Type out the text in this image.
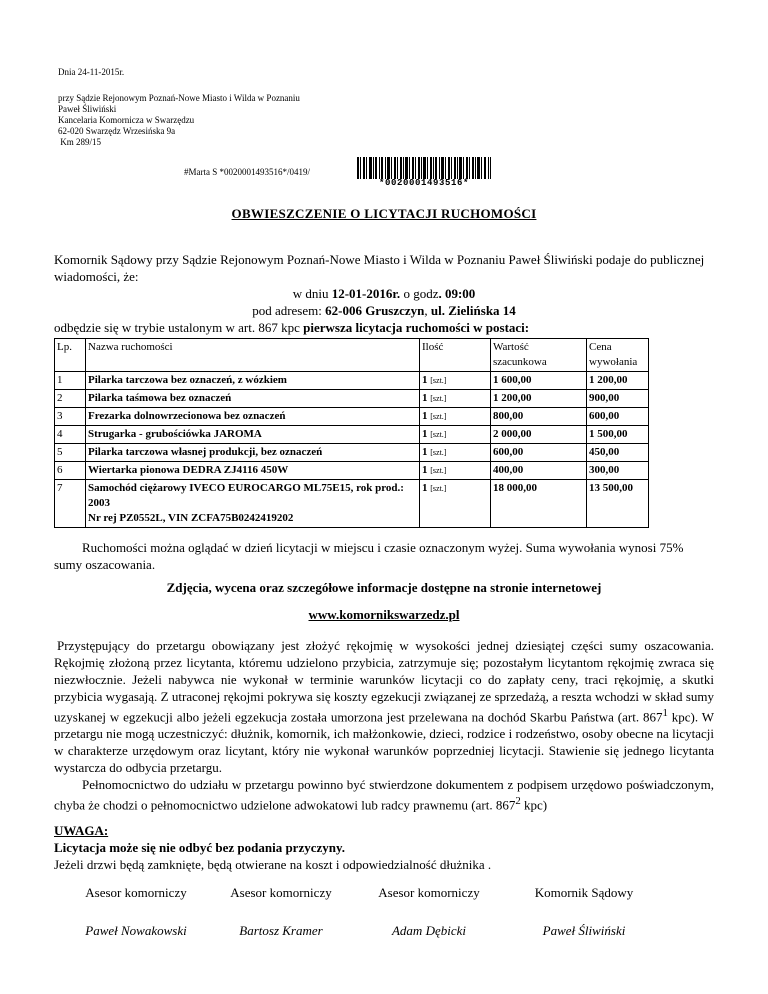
Dnia 24-11-2015r.
przy Sądzie Rejonowym Poznań-Nowe Miasto i Wilda w Poznaniu
Paweł Śliwiński
Kancelaria Komornicza w Swarzędzu
62-020 Swarzędz Wrzesińska 9a
Km 289/15
#Marta S *0020001493516*/0419/
*0020001493516*
OBWIESZCZENIE O LICYTACJI RUCHOMOŚCI
Komornik Sądowy przy Sądzie Rejonowym Poznań-Nowe Miasto i Wilda w Poznaniu Paweł Śliwiński podaje do publicznej wiadomości, że:
w dniu 12-01-2016r. o godz. 09:00
pod adresem: 62-006 Gruszczyn, ul. Zielińska 14
odbędzie się w trybie ustalonym w art. 867 kpc pierwsza licytacja ruchomości w postaci:
Lp.	Nazwa ruchomości	Ilość	Wartość szacunkowa	Cena wywołania
1	Pilarka tarczowa bez oznaczeń, z wózkiem	1 [szt.]	1 600,00	1 200,00
2	Pilarka taśmowa bez oznaczeń	1 [szt.]	1 200,00	900,00
3	Frezarka dolnowrzecionowa bez oznaczeń	1 [szt.]	800,00	600,00
4	Strugarka - grubościówka JAROMA	1 [szt.]	2 000,00	1 500,00
5	Pilarka tarczowa własnej produkcji, bez oznaczeń	1 [szt.]	600,00	450,00
6	Wiertarka pionowa DEDRA ZJ4116 450W	1 [szt.]	400,00	300,00
7	Samochód ciężarowy IVECO EUROCARGO ML75E15, rok prod.: 2003
Nr rej PZ0552L, VIN ZCFA75B0242419202	1 [szt.]	18 000,00	13 500,00
Ruchomości można oglądać w dzień licytacji w miejscu i czasie oznaczonym wyżej. Suma wywołania wynosi 75% sumy oszacowania.
Zdjęcia, wycena oraz szczegółowe informacje dostępne na stronie internetowej
www.komornikswarzedz.pl
Przystępujący do przetargu obowiązany jest złożyć rękojmię w wysokości jednej dziesiątej części sumy oszacowania. Rękojmię złożoną przez licytanta, któremu udzielono przybicia, zatrzymuje się; pozostałym licytantom rękojmię zwraca się niezwłocznie. Jeżeli nabywca nie wykonał w terminie warunków licytacji co do zapłaty ceny, traci rękojmię, a skutki przybicia wygasają. Z utraconej rękojmi pokrywa się koszty egzekucji związanej ze sprzedażą, a reszta wchodzi w skład sumy uzyskanej w egzekucji albo jeżeli egzekucja została umorzona jest przelewana na dochód Skarbu Państwa (art. $867^1$ kpc). W przetargu nie mogą uczestniczyć: dłużnik, komornik, ich małżonkowie, dzieci, rodzice i rodzeństwo, osoby obecne na licytacji w charakterze urzędowym oraz licytant, który nie wykonał warunków poprzedniej licytacji. Stawienie się jednego licytanta wystarcza do odbycia przetargu.
Pełnomocnictwo do udziału w przetargu powinno być stwierdzone dokumentem z podpisem urzędowo poświadczonym, chyba że chodzi o pełnomocnictwo udzielone adwokatowi lub radcy prawnemu (art. $867^2$ kpc)
UWAGA:
Licytacja może się nie odbyć bez podania przyczyny.
Jeżeli drzwi będą zamknięte, będą otwierane na koszt i odpowiedzialność dłużnika .
Asesor komorniczy
Paweł Nowakowski
Asesor komorniczy
Bartosz Kramer
Asesor komorniczy
Adam Dębicki
Komornik Sądowy
Paweł Śliwiński
